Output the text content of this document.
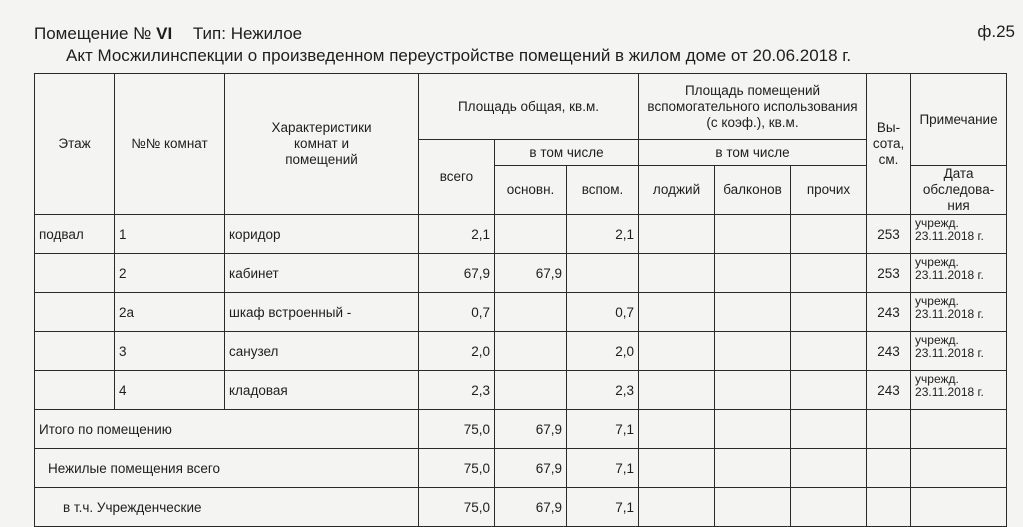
Помещение № VI Тип: Нежилое	ф.25
Акт Мосжилинспекции о произведенном переустройстве помещений в жилом доме от 20.06.2018 г.
Этаж	№№ комнат	Характеристики комнат и помещений	Площадь общая, кв.м.			Площадь помещений вспомогательного использования (с коэф.), кв.м.			Вы-сота, см.	Примечание
			всего	в том числе		в том числе				
				основн.	вспом.	лоджий	балконов	прочих		Дата обследова-ния
подвал	1	коридор	2,1		2,1				253	учрежд. 23.11.2018 г.
	2	кабинет	67,9	67,9					253	учрежд. 23.11.2018 г.
	2а	шкаф встроенный -	0,7		0,7				243	учрежд. 23.11.2018 г.
	3	санузел	2,0		2,0				243	учрежд. 23.11.2018 г.
	4	кладовая	2,3		2,3				243	учрежд. 23.11.2018 г.
Итого по помещению			75,0	67,9	7,1					
Нежилые помещения всего			75,0	67,9	7,1					
в т.ч. Учрежденческие			75,0	67,9	7,1					
